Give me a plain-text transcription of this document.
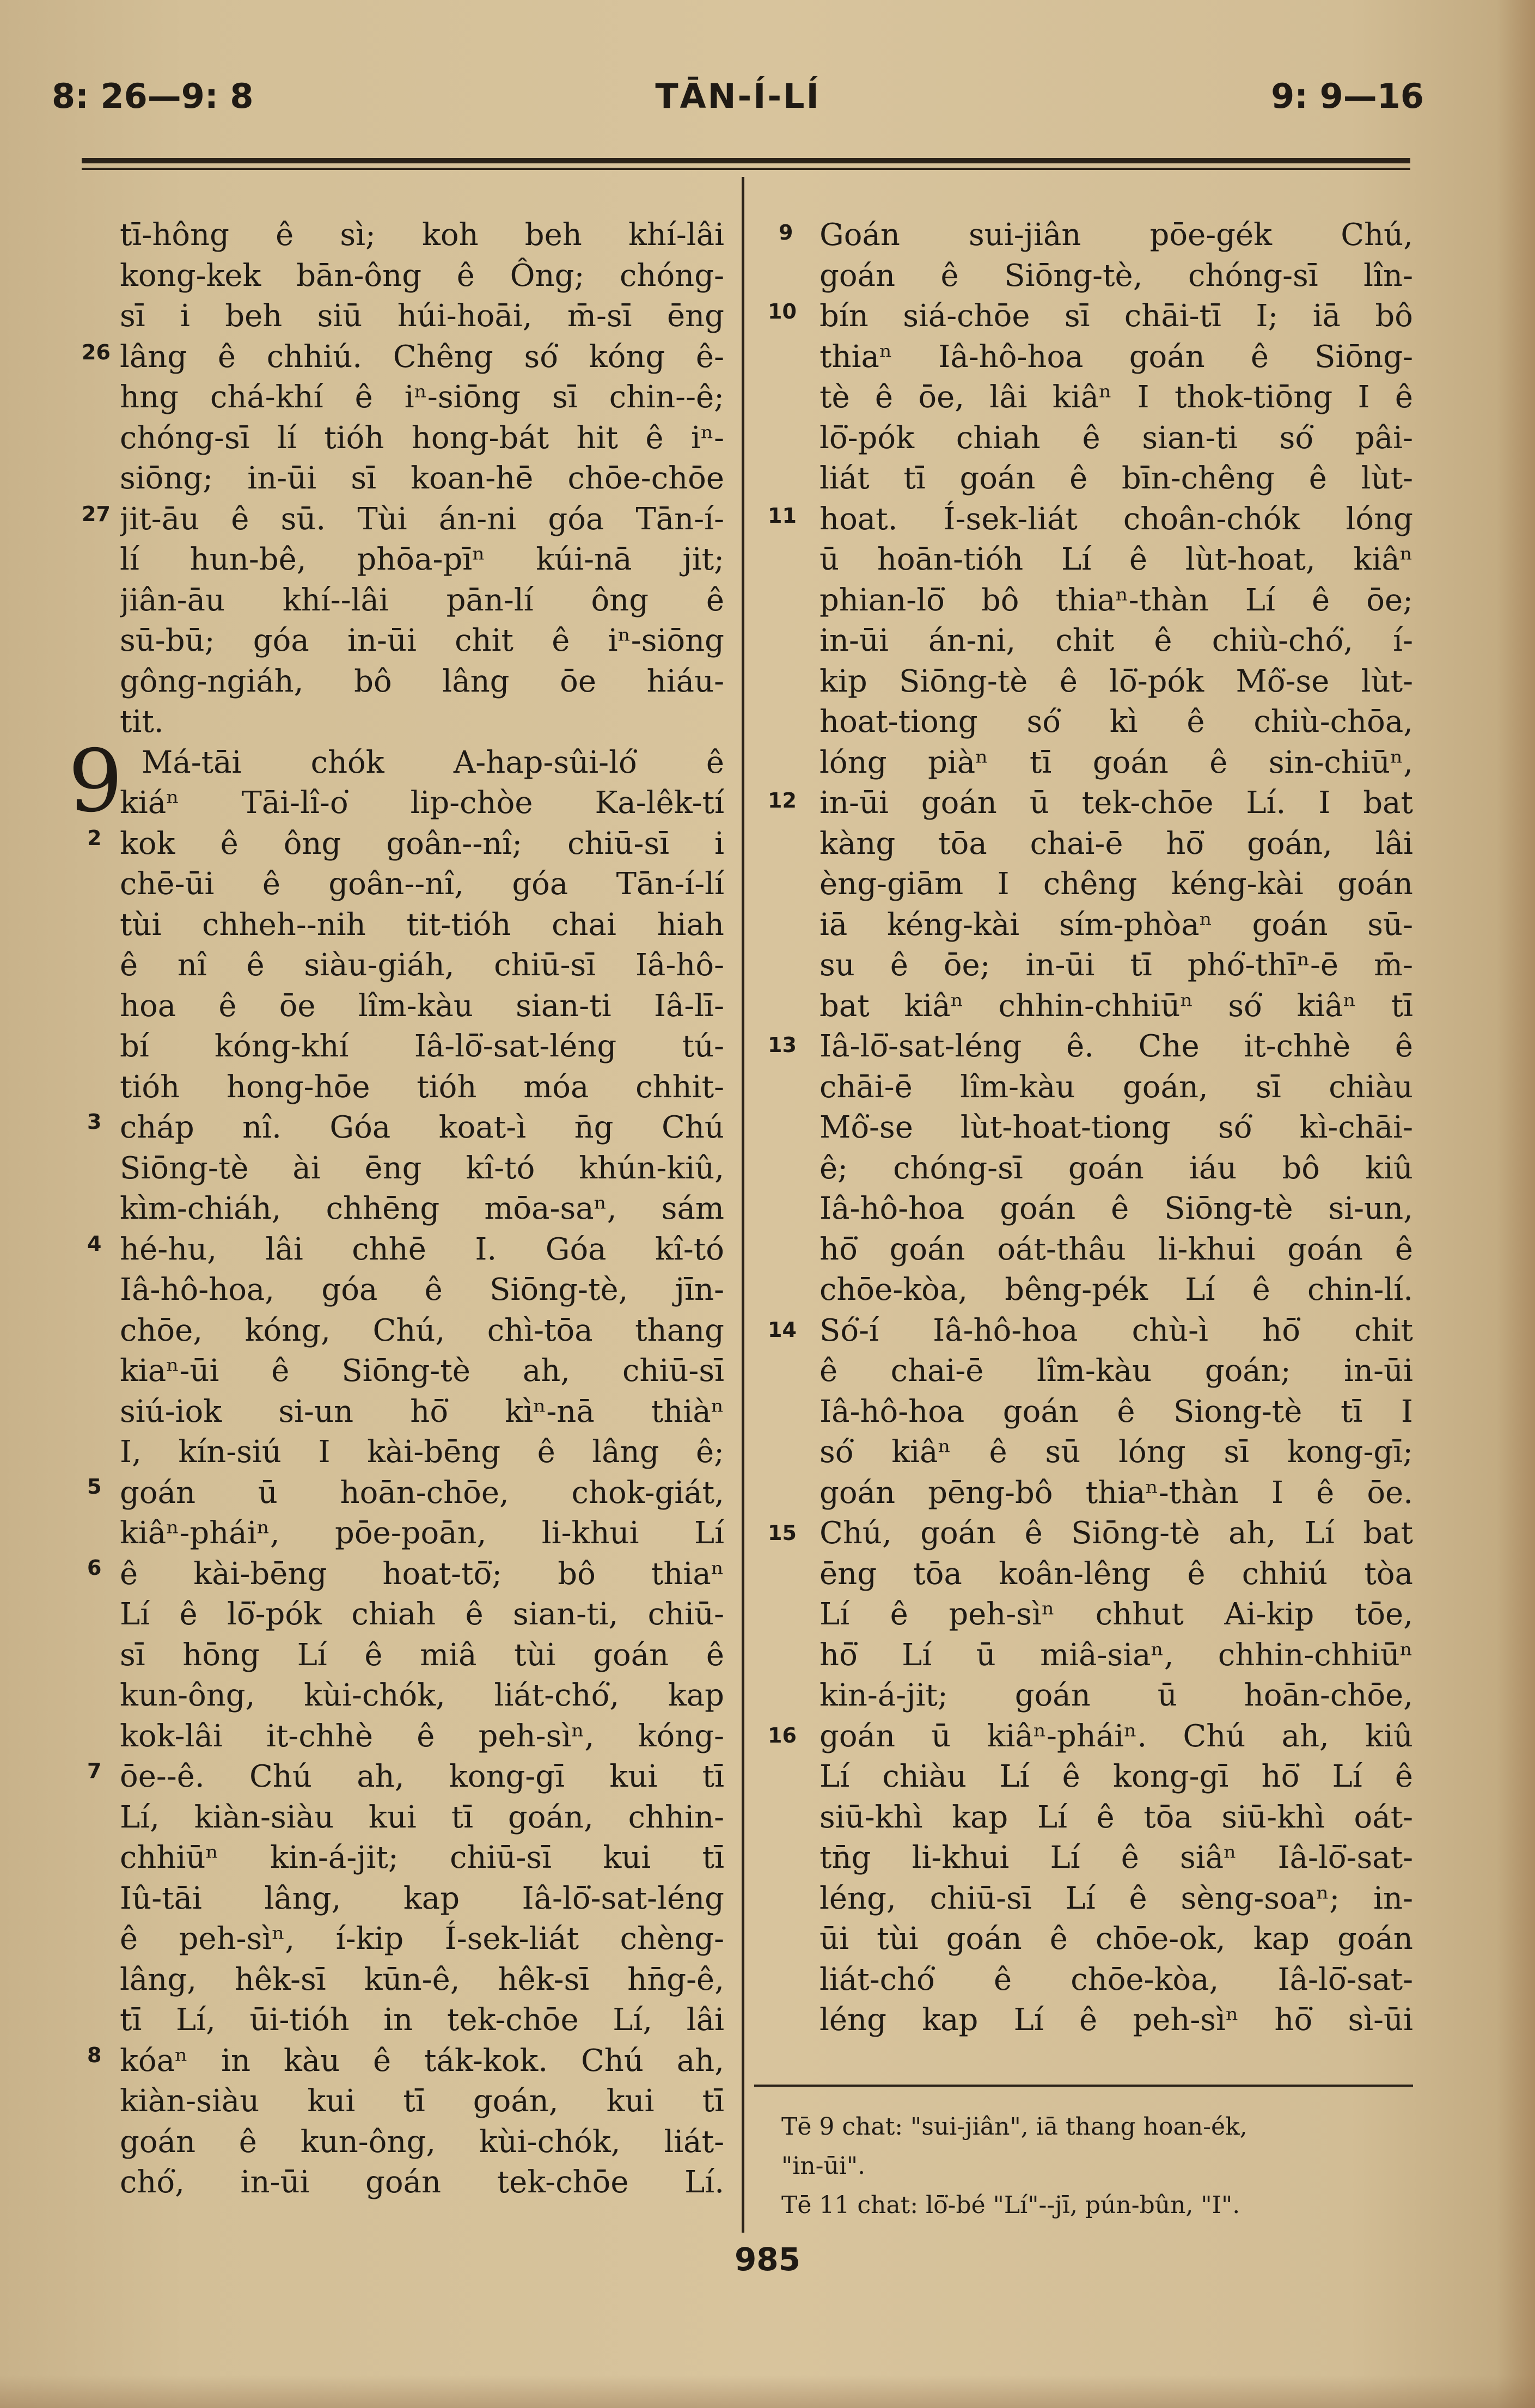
8: 26—9: 8	TĀN-Í-LÍ	9: 9—16
9
26
27
2
3
4
5
6
7
8
9
10
11
12
13
14
15
16
tī-hông ê sì; koh beh khí-lâi
kong-kek bān-ông ê Ông; chóng-
sī i beh siū húi-hoāi, m̄-sī ēng
lâng ê chhiú. Chêng só͘ kóng ê-
hng chá-khí ê iⁿ-siōng sī chin--ê;
chóng-sī lí tióh hong-bát hit ê iⁿ-
siōng; in-ūi sī koan-hē chōe-chōe
jit-āu ê sū. Tùi án-ni góa Tān-í-
lí hun-bê, phōa-pīⁿ kúi-nā jit;
jiân-āu khí--lâi pān-lí ông ê
sū-bū; góa in-ūi chit ê iⁿ-siōng
gông-ngiáh, bô lâng ōe hiáu-
tit.
Má-tāi chók A-hap-sûi-ló͘ ê
kiáⁿ Tāi-lî-o͘ lip-chòe Ka-lêk-tí
kok ê ông goân--nî; chiū-sī i
chē-ūi ê goân--nî, góa Tān-í-lí
tùi chheh--nih tit-tióh chai hiah
ê nî ê siàu-giáh, chiū-sī Iâ-hô-
hoa ê ōe lîm-kàu sian-ti Iâ-lī-
bí kóng-khí Iâ-lō͘-sat-léng tú-
tióh hong-hōe tióh móa chhit-
cháp nî. Góa koat-ì n̄g Chú
Siōng-tè ài ēng kî-tó khún-kiû,
kìm-chiáh, chhēng mōa-saⁿ, sám
hé-hu, lâi chhē I. Góa kî-tó
Iâ-hô-hoa, góa ê Siōng-tè, jīn-
chōe, kóng, Chú, chì-tōa thang
kiaⁿ-ūi ê Siōng-tè ah, chiū-sī
siú-iok si-un hō͘ kìⁿ-nā thiàⁿ
I, kín-siú I kài-bēng ê lâng ê;
goán ū hoān-chōe, chok-giát,
kiâⁿ-pháiⁿ, pōe-poān, li-khui Lí
ê kài-bēng hoat-tō͘; bô thiaⁿ
Lí ê lō͘-pók chiah ê sian-ti, chiū-
sī hōng Lí ê miâ tùi goán ê
kun-ông, kùi-chók, liát-chó͘, kap
kok-lâi it-chhè ê peh-sìⁿ, kóng-
ōe--ê. Chú ah, kong-gī kui tī
Lí, kiàn-siàu kui tī goán, chhin-
chhiūⁿ kin-á-jit; chiū-sī kui tī
Iû-tāi lâng, kap Iâ-lō͘-sat-léng
ê peh-sìⁿ, í-kip Í-sek-liát chèng-
lâng, hêk-sī kūn-ê, hêk-sī hn̄g-ê,
tī Lí, ūi-tióh in tek-chōe Lí, lâi
kóaⁿ in kàu ê ták-kok. Chú ah,
kiàn-siàu kui tī goán, kui tī
goán ê kun-ông, kùi-chók, liát-
chó͘, in-ūi goán tek-chōe Lí.
Goán sui-jiân pōe-gék Chú,
goán ê Siōng-tè, chóng-sī lîn-
bín siá-chōe sī chāi-tī I; iā bô
thiaⁿ Iâ-hô-hoa goán ê Siōng-
tè ê ōe, lâi kiâⁿ I thok-tiōng I ê
lō͘-pók chiah ê sian-ti só͘ pâi-
liát tī goán ê bīn-chêng ê lùt-
hoat. Í-sek-liát choân-chók lóng
ū hoān-tióh Lí ê lùt-hoat, kiâⁿ
phian-lō͘ bô thiaⁿ-thàn Lí ê ōe;
in-ūi án-ni, chit ê chiù-chó͘, í-
kip Siōng-tè ê lō͘-pók Mô͘-se lùt-
hoat-tiong só͘ kì ê chiù-chōa,
lóng piàⁿ tī goán ê sin-chiūⁿ,
in-ūi goán ū tek-chōe Lí. I bat
kàng tōa chai-ē hō͘ goán, lâi
èng-giām I chêng kéng-kài goán
iā kéng-kài sím-phòaⁿ goán sū-
su ê ōe; in-ūi tī phó͘-thīⁿ-ē m̄-
bat kiâⁿ chhin-chhiūⁿ só͘ kiâⁿ tī
Iâ-lō͘-sat-léng ê. Che it-chhè ê
chāi-ē lîm-kàu goán, sī chiàu
Mô͘-se lùt-hoat-tiong só͘ kì-chāi-
ê; chóng-sī goán iáu bô kiû
Iâ-hô-hoa goán ê Siōng-tè si-un,
hō͘ goán oát-thâu li-khui goán ê
chōe-kòa, bêng-pék Lí ê chin-lí.
Só͘-í Iâ-hô-hoa chù-ì hō͘ chit
ê chai-ē lîm-kàu goán; in-ūi
Iâ-hô-hoa goán ê Siong-tè tī I
só͘ kiâⁿ ê sū lóng sī kong-gī;
goán pēng-bô thiaⁿ-thàn I ê ōe.
Chú, goán ê Siōng-tè ah, Lí bat
ēng tōa koân-lêng ê chhiú tòa
Lí ê peh-sìⁿ chhut Ai-kip tōe,
hō͘ Lí ū miâ-siaⁿ, chhin-chhiūⁿ
kin-á-jit; goán ū hoān-chōe,
goán ū kiâⁿ-pháiⁿ. Chú ah, kiû
Lí chiàu Lí ê kong-gī hō͘ Lí ê
siū-khì kap Lí ê tōa siū-khì oát-
tn̄g li-khui Lí ê siâⁿ Iâ-lō͘-sat-
léng, chiū-sī Lí ê sèng-soaⁿ; in-
ūi tùi goán ê chōe-ok, kap goán
liát-chó͘ ê chōe-kòa, Iâ-lō͘-sat-
léng kap Lí ê peh-sìⁿ hō͘ sì-ūi
Tē 9 chat: "sui-jiân", iā thang hoan-ék,
"in-ūi".
Tē 11 chat: lō͘-bé "Lí"--jī, pún-bûn, "I".
985
